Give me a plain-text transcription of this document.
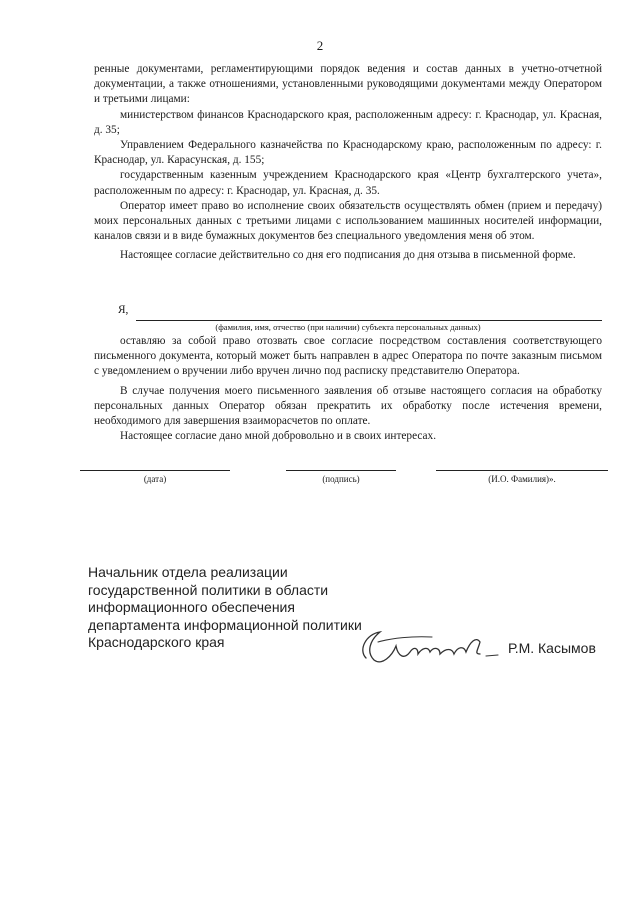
2

ренные документами, регламентирующими порядок ведения и состав данных в учетно-отчетной документации, а также отношениями, установленными руководящими документами между Оператором и третьими лицами:

министерством финансов Краснодарского края, расположенным адресу: г. Краснодар, ул. Красная, д. 35;

Управлением Федерального казначейства по Краснодарскому краю, расположенным по адресу: г. Краснодар, ул. Карасунская, д. 155;

государственным казенным учреждением Краснодарского края «Центр бухгалтерского учета», расположенным по адресу: г. Краснодар, ул. Красная, д. 35.

Оператор имеет право во исполнение своих обязательств осуществлять обмен (прием и передачу) моих персональных данных с третьими лицами с использованием машинных носителей информации, каналов связи и в виде бумажных документов без специального уведомления меня об этом.

Настоящее согласие действительно со дня его подписания до дня отзыва в письменной форме.

Я,
(фамилия, имя, отчество (при наличии) субъекта персональных данных)

оставляю за собой право отозвать свое согласие посредством составления соответствующего письменного документа, который может быть направлен в адрес Оператора по почте заказным письмом с уведомлением о вручении либо вручен лично под расписку представителю Оператора.

В случае получения моего письменного заявления об отзыве настоящего согласия на обработку персональных данных Оператор обязан прекратить их обработку после истечения времени, необходимого для завершения взаиморасчетов по оплате.

Настоящее согласие дано мной добровольно и в своих интересах.

(дата)	(подпись)	(И.О. Фамилия)».
Начальник отдела реализации
государственной политики в области
информационного обеспечения
департамента информационной политики
Краснодарского края	Р.М. Касымов
